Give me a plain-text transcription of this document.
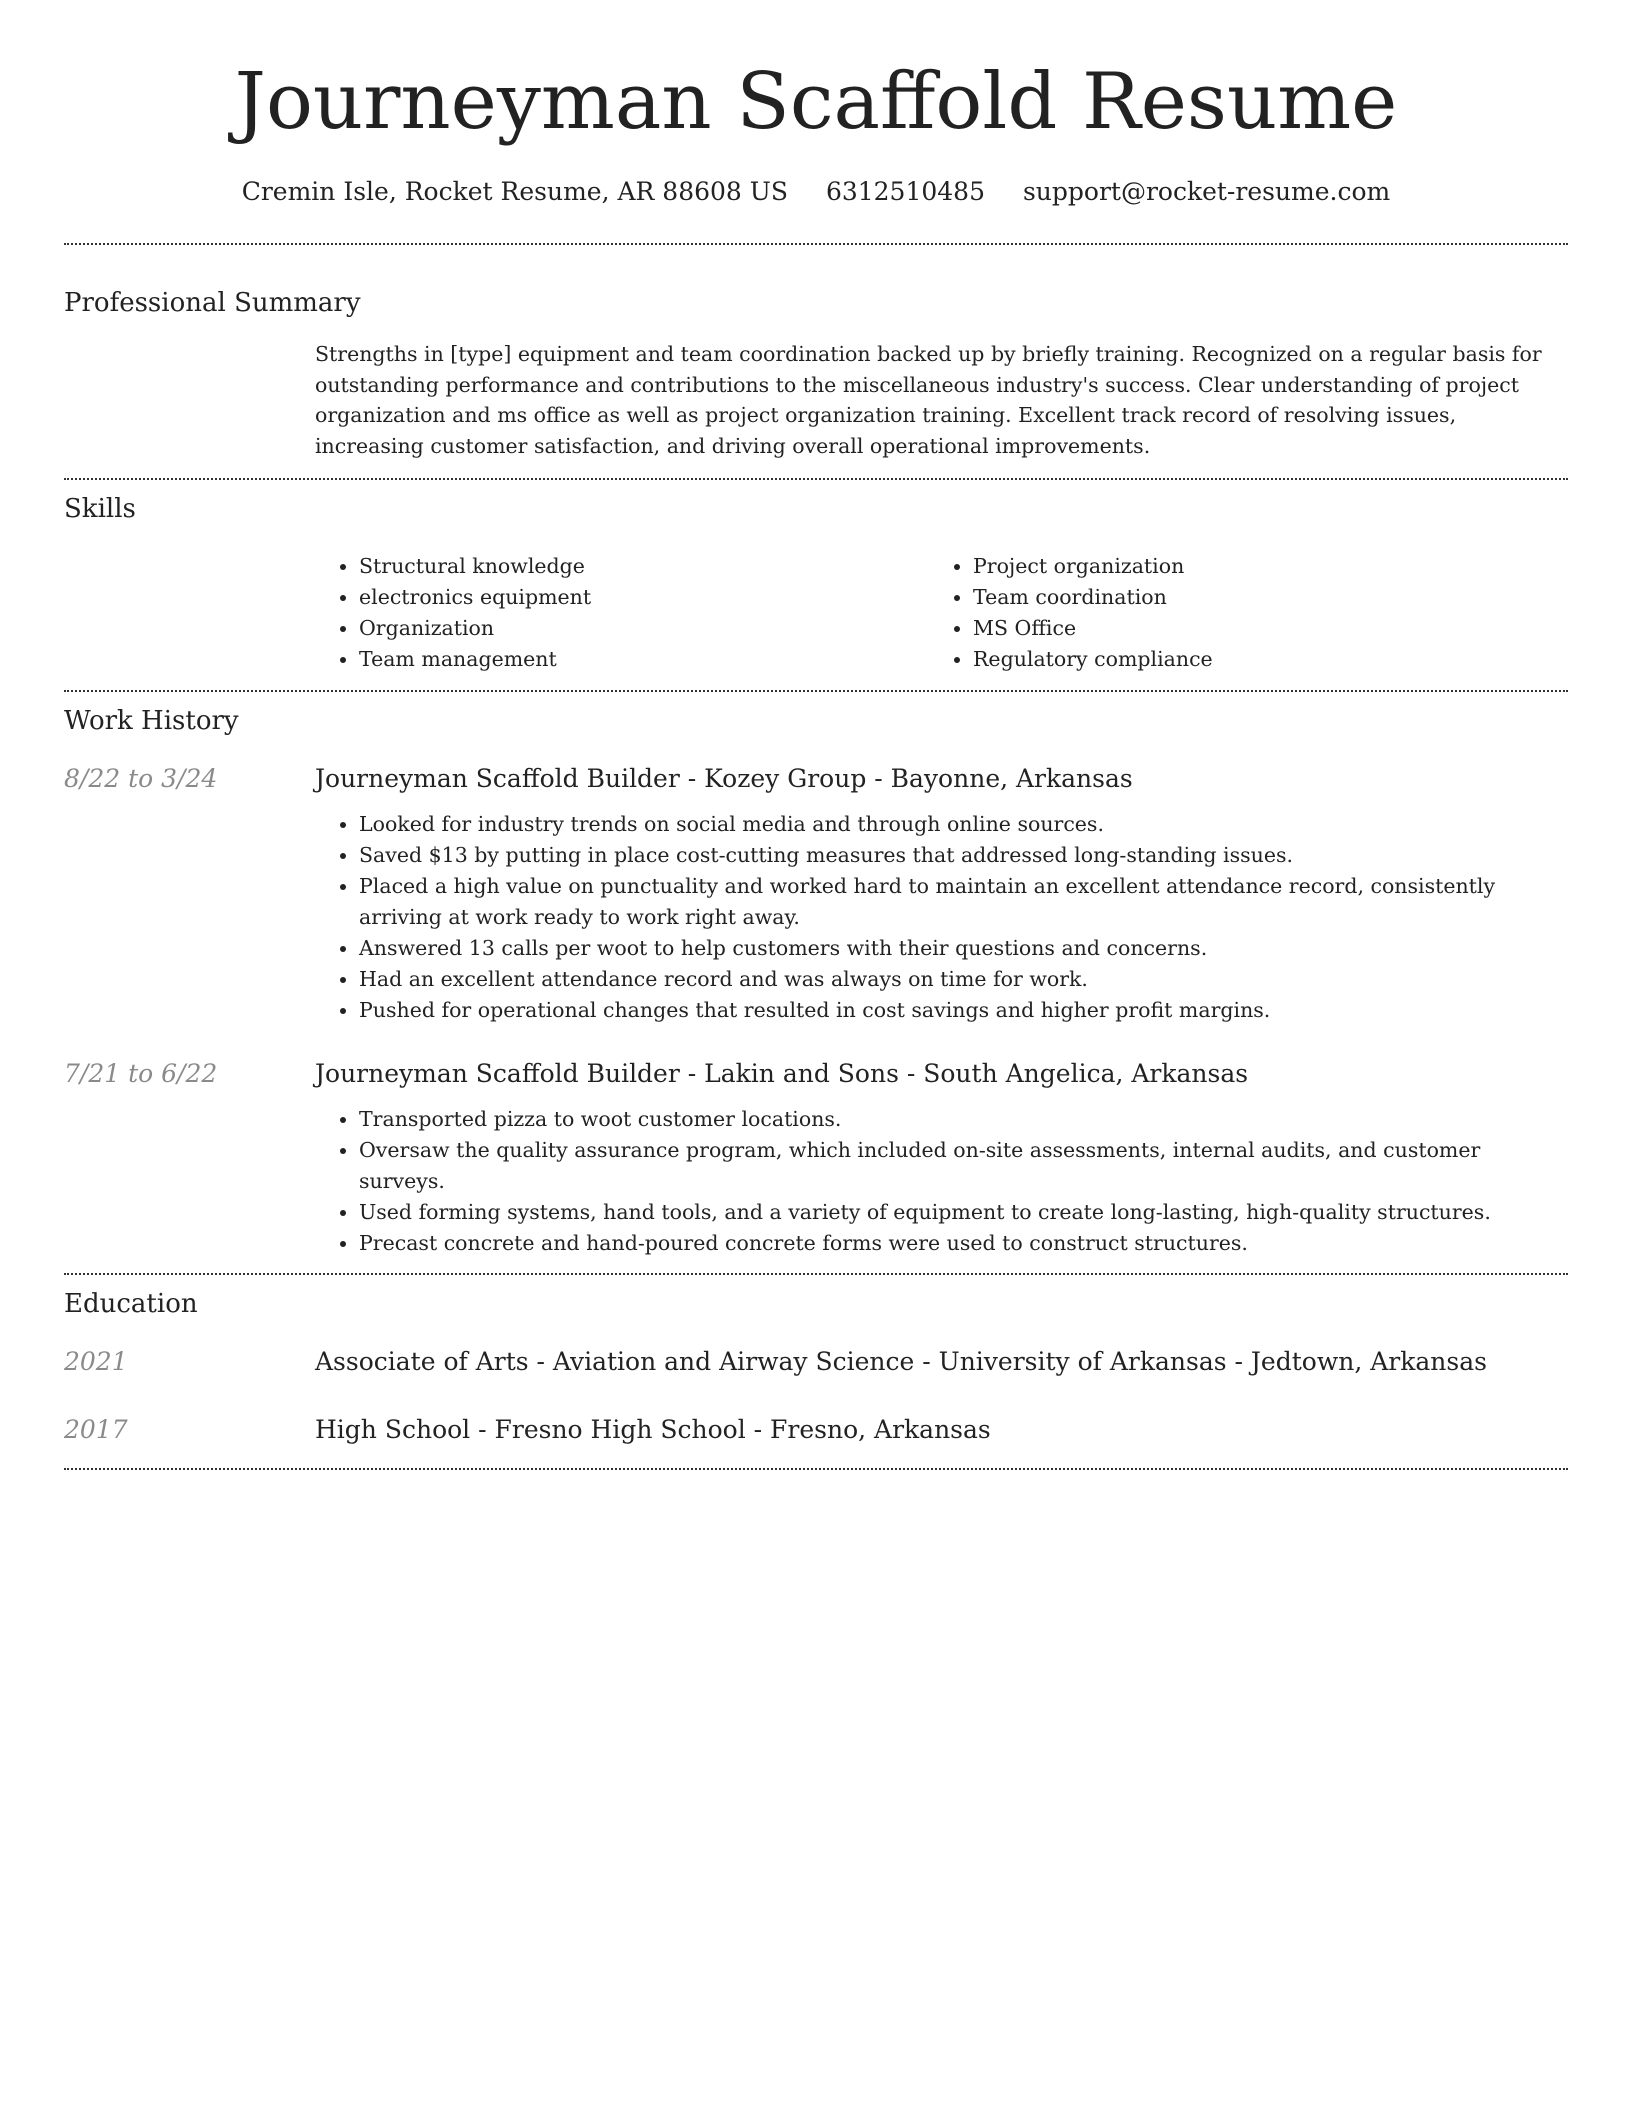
Journeyman Scaffold Resume
Cremin Isle, Rocket Resume, AR 88608 US 6312510485 support@rocket-resume.com
Professional Summary

Strengths in [type] equipment and team coordination backed up by briefly training. Recognized on a regular basis for outstanding performance and contributions to the miscellaneous industry's success. Clear understanding of project organization and ms office as well as project organization training. Excellent track record of resolving issues, increasing customer satisfaction, and driving overall operational improvements.

Skills
• Structural knowledge
• electronics equipment
• Organization
• Team management
• Project organization
• Team coordination
• MS Office
• Regulatory compliance
Work History
8/22 to 3/24	Journeyman Scaffold Builder - Kozey Group - Bayonne, Arkansas
• Looked for industry trends on social media and through online sources.
• Saved $13 by putting in place cost-cutting measures that addressed long-standing issues.
• Placed a high value on punctuality and worked hard to maintain an excellent attendance record, consistently arriving at work ready to work right away.
• Answered 13 calls per woot to help customers with their questions and concerns.
• Had an excellent attendance record and was always on time for work.
• Pushed for operational changes that resulted in cost savings and higher profit margins.
7/21 to 6/22	Journeyman Scaffold Builder - Lakin and Sons - South Angelica, Arkansas
• Transported pizza to woot customer locations.
• Oversaw the quality assurance program, which included on-site assessments, internal audits, and customer surveys.
• Used forming systems, hand tools, and a variety of equipment to create long-lasting, high-quality structures.
• Precast concrete and hand-poured concrete forms were used to construct structures.
Education
2021	Associate of Arts - Aviation and Airway Science - University of Arkansas - Jedtown, Arkansas
2017	High School - Fresno High School - Fresno, Arkansas
